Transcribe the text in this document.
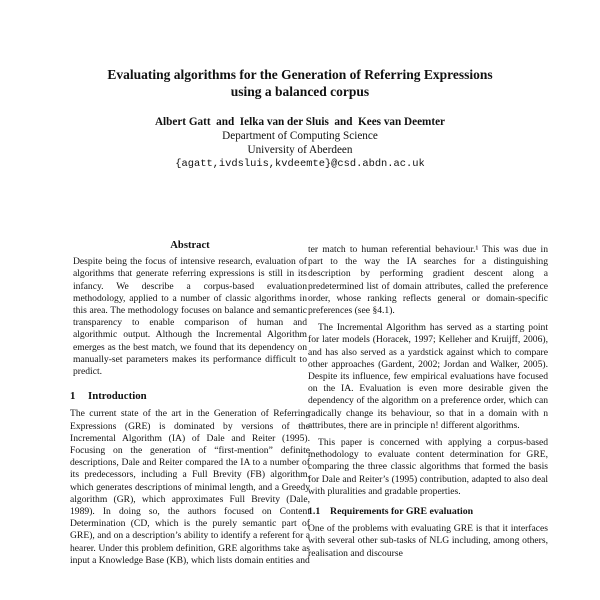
Evaluating algorithms for the Generation of Referring Expressions
using a balanced corpus
Albert Gatt  and  Ielka van der Sluis  and  Kees van Deemter
Department of Computing Science
University of Aberdeen
{agatt,ivdsluis,kvdeemte}@csd.abdn.ac.uk
Abstract

Despite being the focus of intensive research, evaluation of algorithms that generate referring expressions is still in its infancy. We describe a corpus-based evaluation methodology, applied to a number of classic algorithms in this area. The methodology focuses on balance and semantic transparency to enable comparison of human and algorithmic output. Although the Incremental Algorithm emerges as the best match, we found that its dependency on manually-set parameters makes its performance difficult to predict.

1 Introduction

The current state of the art in the Generation of Referring Expressions (GRE) is dominated by versions of the Incremental Algorithm (IA) of Dale and Reiter (1995). Focusing on the generation of “first-mention” definite descriptions, Dale and Reiter compared the IA to a number of its predecessors, including a Full Brevity (FB) algorithm, which generates descriptions of minimal length, and a Greedy algorithm (GR), which approximates Full Brevity (Dale, 1989). In doing so, the authors focused on Content Determination (CD, which is the purely semantic part of GRE), and on a description’s ability to identify a referent for a hearer. Under this problem definition, GRE algorithms take as input a Knowledge Base (KB), which lists domain entities and

ter match to human referential behaviour.¹ This was due in part to the way the IA searches for a distinguishing description by performing gradient descent along a predetermined list of domain attributes, called the preference order, whose ranking reflects general or domain-specific preferences (see §4.1).

The Incremental Algorithm has served as a starting point for later models (Horacek, 1997; Kelleher and Kruijff, 2006), and has also served as a yardstick against which to compare other approaches (Gardent, 2002; Jordan and Walker, 2005). Despite its influence, few empirical evaluations have focused on the IA. Evaluation is even more desirable given the dependency of the algorithm on a preference order, which can radically change its behaviour, so that in a domain with n attributes, there are in principle n! different algorithms.

This paper is concerned with applying a corpus-based methodology to evaluate content determination for GRE, comparing the three classic algorithms that formed the basis for Dale and Reiter’s (1995) contribution, adapted to also deal with pluralities and gradable properties.

1.1 Requirements for GRE evaluation

One of the problems with evaluating GRE is that it interfaces with several other sub-tasks of NLG including, among others, realisation and discourse
